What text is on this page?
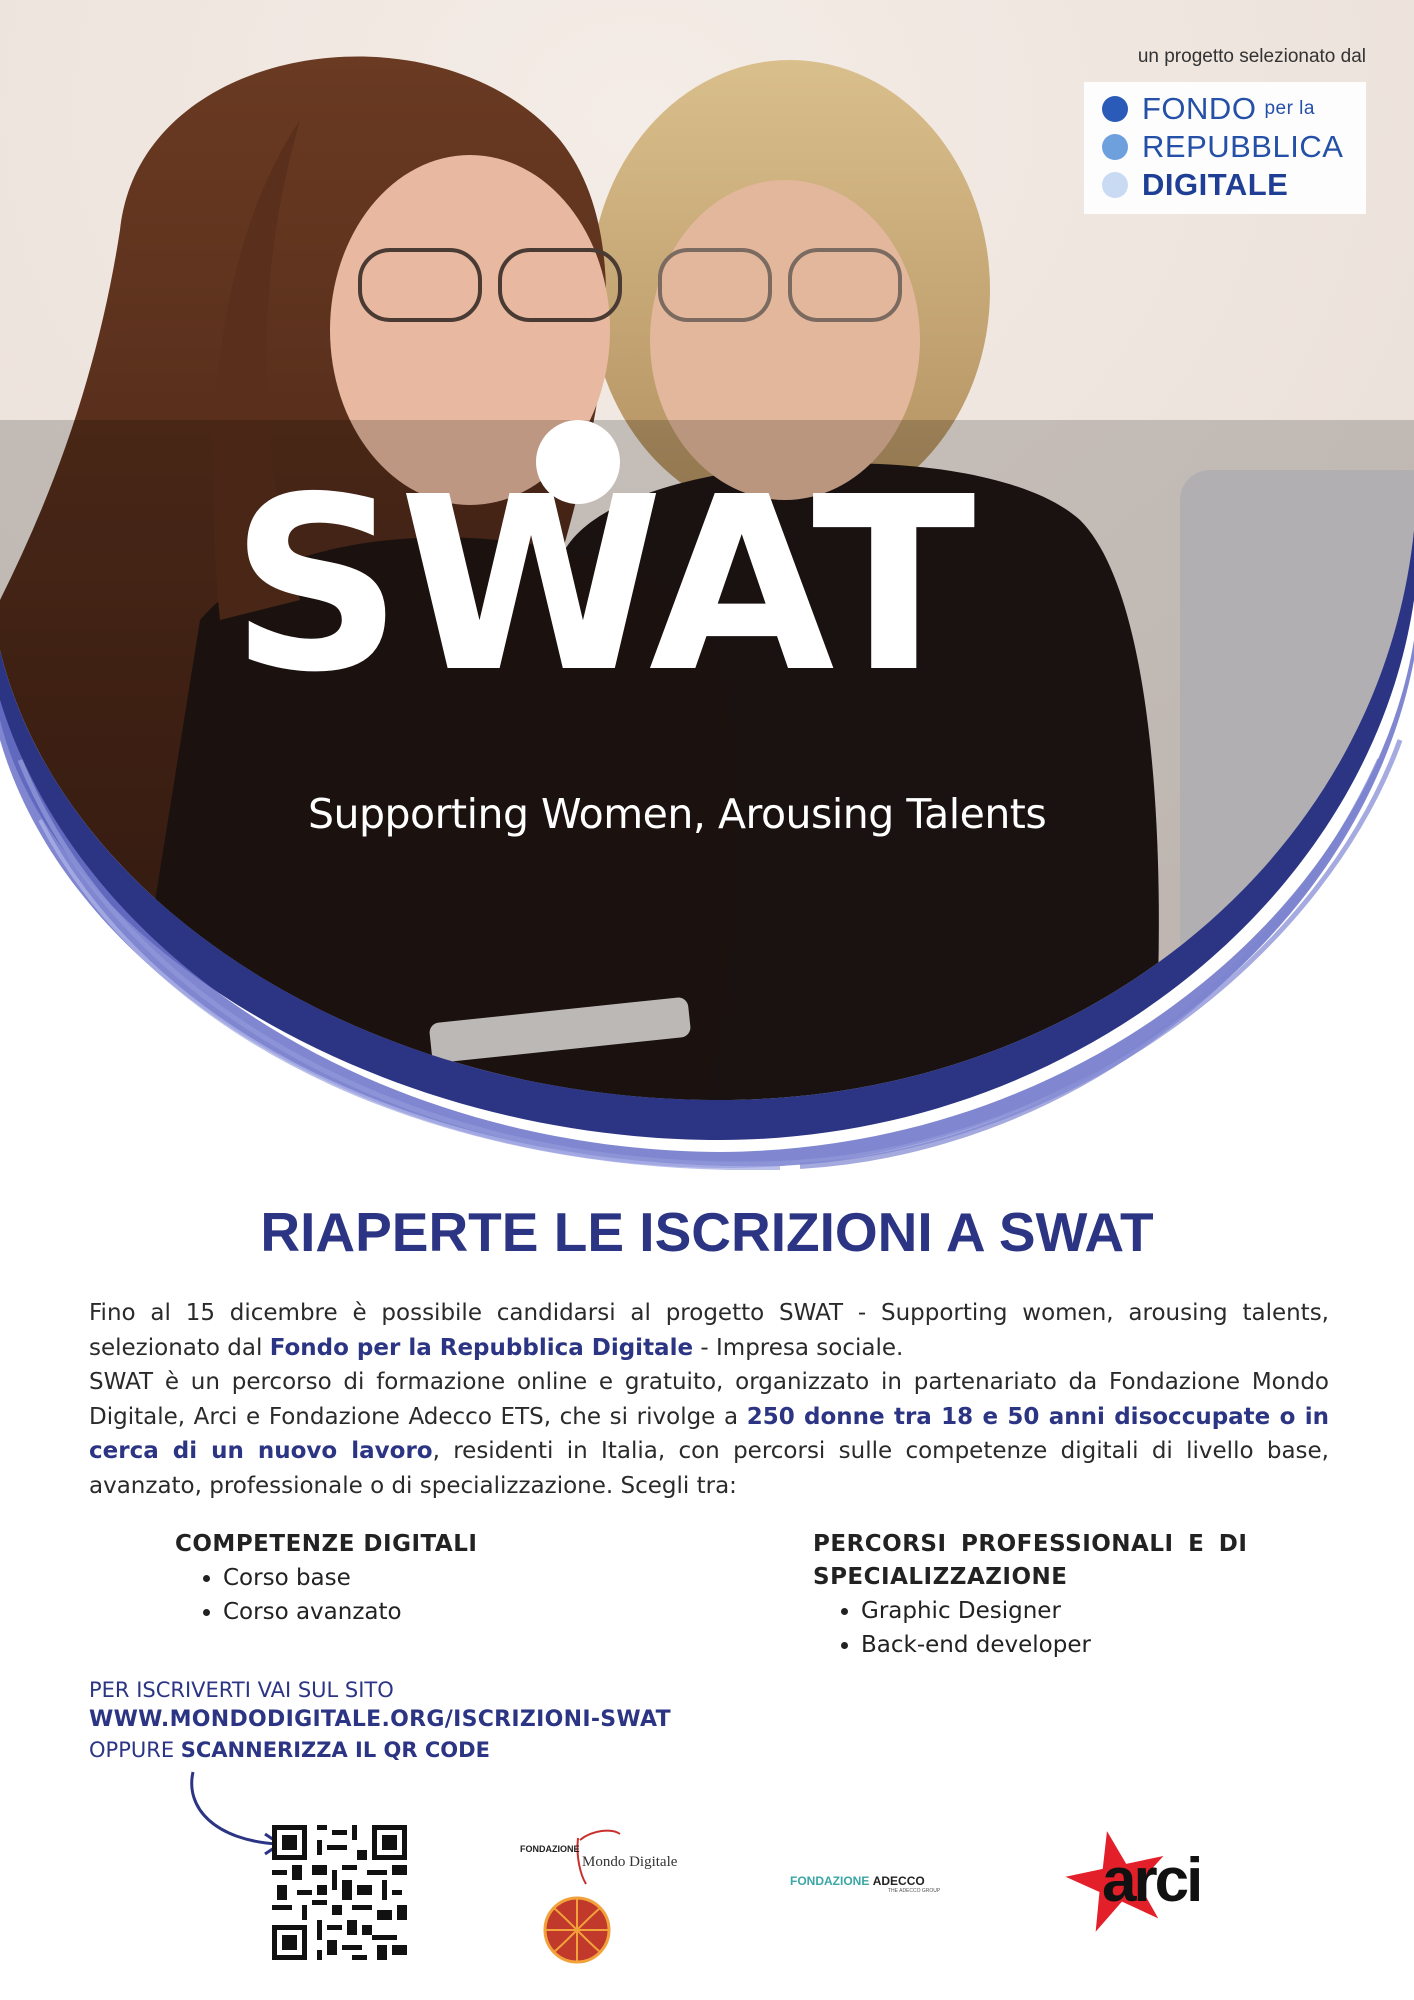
SWAT
Supporting Women, Arousing Talents
un progetto selezionato dal
FONDO per la
REPUBBLICA
DIGITALE
RIAPERTE LE ISCRIZIONI A SWAT
Fino al 15 dicembre è possibile candidarsi al progetto SWAT - Supporting women, arousing talents, selezionato dal Fondo per la Repubblica Digitale - Impresa sociale.
SWAT è un percorso di formazione online e gratuito, organizzato in partenariato da Fondazione Mondo Digitale, Arci e Fondazione Adecco ETS, che si rivolge a 250 donne tra 18 e 50 anni disoccupate o in cerca di un nuovo lavoro, residenti in Italia, con percorsi sulle competenze digitali di livello base, avanzato, professionale o di specializzazione. Scegli tra:
COMPETENZE DIGITALI
• Corso base
• Corso avanzato
PERCORSI PROFESSIONALI E DI
SPECIALIZZAZIONE
• Graphic Designer
• Back-end developer
PER ISCRIVERTI VAI SUL SITO
WWW.MONDODIGITALE.ORG/ISCRIZIONI-SWAT
OPPURE SCANNERIZZA IL QR CODE
FONDAZIONE
Mondo Digitale
FONDAZIONE ADECCO
THE ADECCO GROUP	arci
